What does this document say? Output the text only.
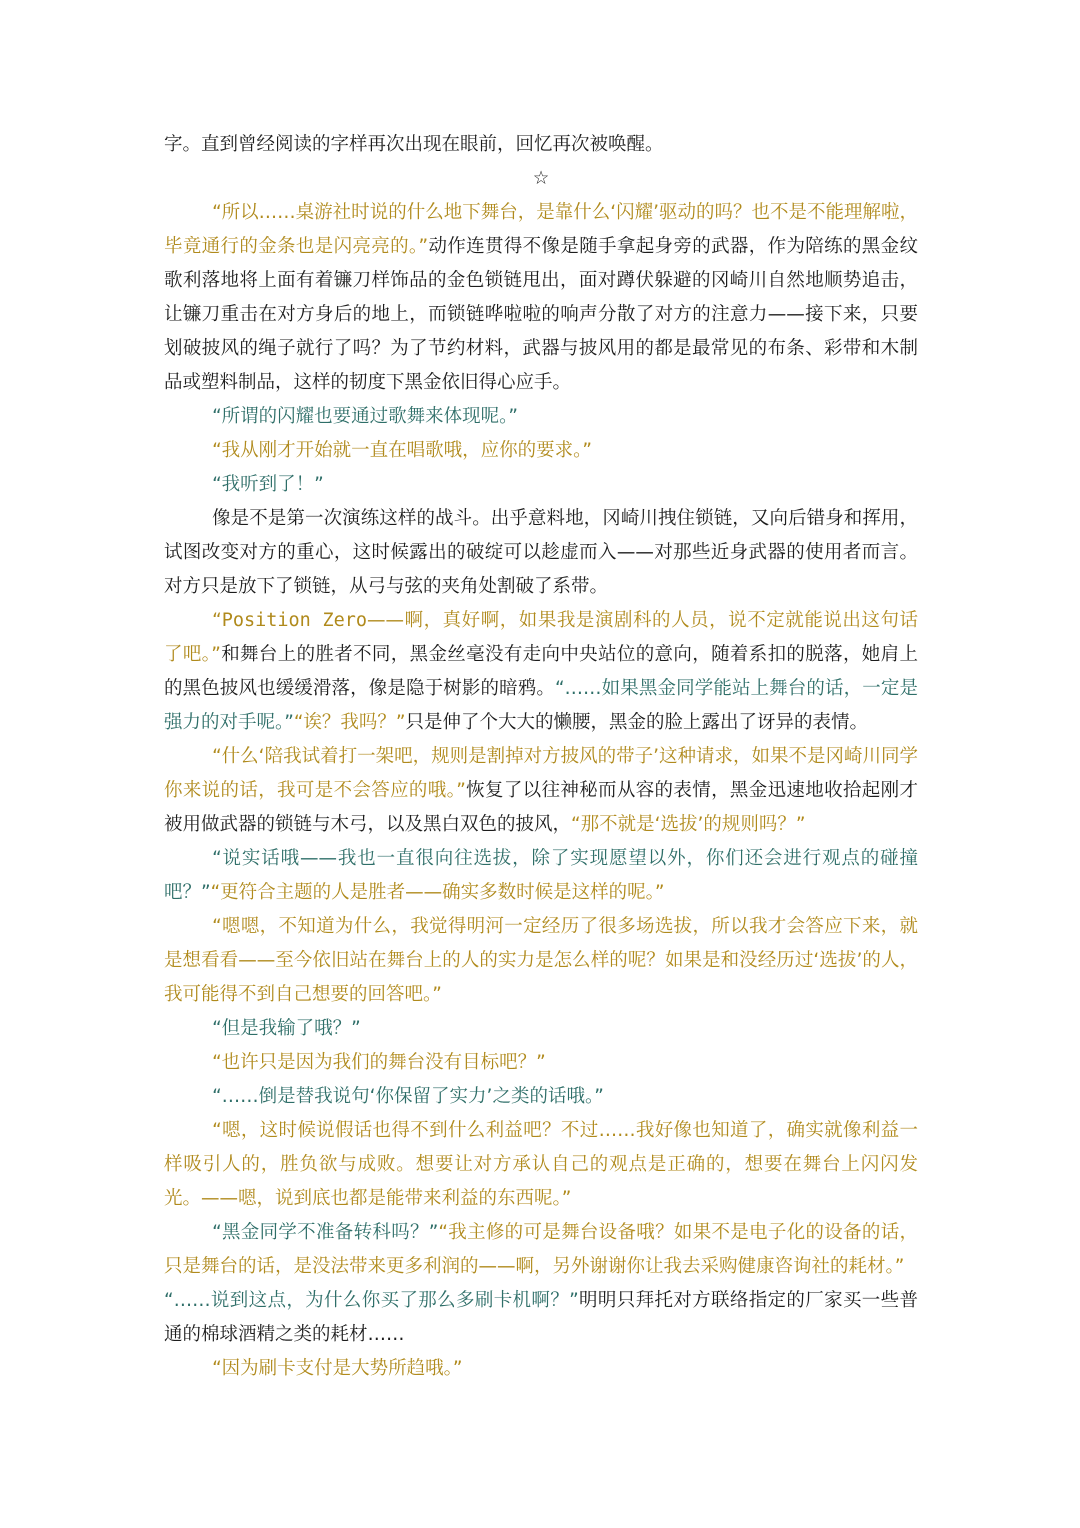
字。直到曾经阅读的字样再次出现在眼前，回忆再次被唤醒。

☆

“所以……桌游社时说的什么地下舞台，是靠什么‘闪耀’驱动的吗？也不是不能理解啦，毕竟通行的金条也是闪亮亮的。”动作连贯得不像是随手拿起身旁的武器，作为陪练的黑金纹歌利落地将上面有着镰刀样饰品的金色锁链甩出，面对蹲伏躲避的冈崎川自然地顺势追击，让镰刀重击在对方身后的地上，而锁链哗啦啦的响声分散了对方的注意力——接下来，只要划破披风的绳子就行了吗？为了节约材料，武器与披风用的都是最常见的布条、彩带和木制品或塑料制品，这样的韧度下黑金依旧得心应手。

“所谓的闪耀也要通过歌舞来体现呢。”

“我从刚才开始就一直在唱歌哦，应你的要求。”

“我听到了！”

像是不是第一次演练这样的战斗。出乎意料地，冈崎川拽住锁链，又向后错身和挥用，试图改变对方的重心，这时候露出的破绽可以趁虚而入——对那些近身武器的使用者而言。对方只是放下了锁链，从弓与弦的夹角处割破了系带。

“Position Zero——啊，真好啊，如果我是演剧科的人员，说不定就能说出这句话了吧。”和舞台上的胜者不同，黑金丝毫没有走向中央站位的意向，随着系扣的脱落，她肩上的黑色披风也缓缓滑落，像是隐于树影的暗鸦。“……如果黑金同学能站上舞台的话，一定是强力的对手呢。”“诶？我吗？”只是伸了个大大的懒腰，黑金的脸上露出了讶异的表情。

“什么‘陪我试着打一架吧，规则是割掉对方披风的带子’这种请求，如果不是冈崎川同学你来说的话，我可是不会答应的哦。”恢复了以往神秘而从容的表情，黑金迅速地收拾起刚才被用做武器的锁链与木弓，以及黑白双色的披风，“那不就是‘选拔’的规则吗？”

“说实话哦——我也一直很向往选拔，除了实现愿望以外，你们还会进行观点的碰撞吧？”“更符合主题的人是胜者——确实多数时候是这样的呢。”

“嗯嗯，不知道为什么，我觉得明河一定经历了很多场选拔，所以我才会答应下来，就是想看看——至今依旧站在舞台上的人的实力是怎么样的呢？如果是和没经历过‘选拔’的人，我可能得不到自己想要的回答吧。”

“但是我输了哦？”

“也许只是因为我们的舞台没有目标吧？”

“……倒是替我说句‘你保留了实力’之类的话哦。”

“嗯，这时候说假话也得不到什么利益吧？不过……我好像也知道了，确实就像利益一样吸引人的，胜负欲与成败。想要让对方承认自己的观点是正确的，想要在舞台上闪闪发光。——嗯，说到底也都是能带来利益的东西呢。”

“黑金同学不准备转科吗？”“我主修的可是舞台设备哦？如果不是电子化的设备的话，只是舞台的话，是没法带来更多利润的——啊，另外谢谢你让我去采购健康咨询社的耗材。”

“……说到这点，为什么你买了那么多刷卡机啊？”明明只拜托对方联络指定的厂家买一些普通的棉球酒精之类的耗材……

“因为刷卡支付是大势所趋哦。”
